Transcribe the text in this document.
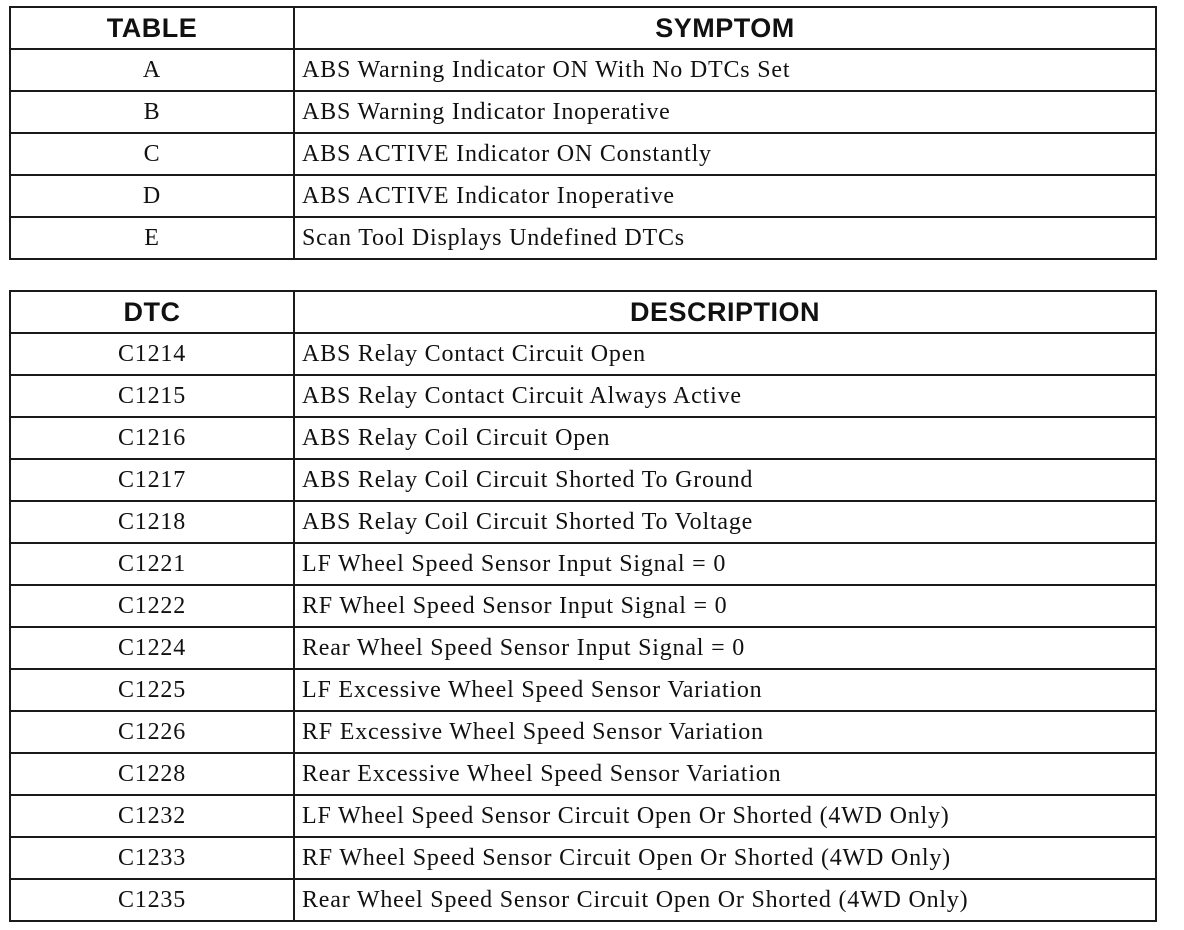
TABLE	SYMPTOM
A	ABS Warning Indicator ON With No DTCs Set
B	ABS Warning Indicator Inoperative
C	ABS ACTIVE Indicator ON Constantly
D	ABS ACTIVE Indicator Inoperative
E	Scan Tool Displays Undefined DTCs
DTC	DESCRIPTION
C1214	ABS Relay Contact Circuit Open
C1215	ABS Relay Contact Circuit Always Active
C1216	ABS Relay Coil Circuit Open
C1217	ABS Relay Coil Circuit Shorted To Ground
C1218	ABS Relay Coil Circuit Shorted To Voltage
C1221	LF Wheel Speed Sensor Input Signal = 0
C1222	RF Wheel Speed Sensor Input Signal = 0
C1224	Rear Wheel Speed Sensor Input Signal = 0
C1225	LF Excessive Wheel Speed Sensor Variation
C1226	RF Excessive Wheel Speed Sensor Variation
C1228	Rear Excessive Wheel Speed Sensor Variation
C1232	LF Wheel Speed Sensor Circuit Open Or Shorted (4WD Only)
C1233	RF Wheel Speed Sensor Circuit Open Or Shorted (4WD Only)
C1235	Rear Wheel Speed Sensor Circuit Open Or Shorted (4WD Only)
